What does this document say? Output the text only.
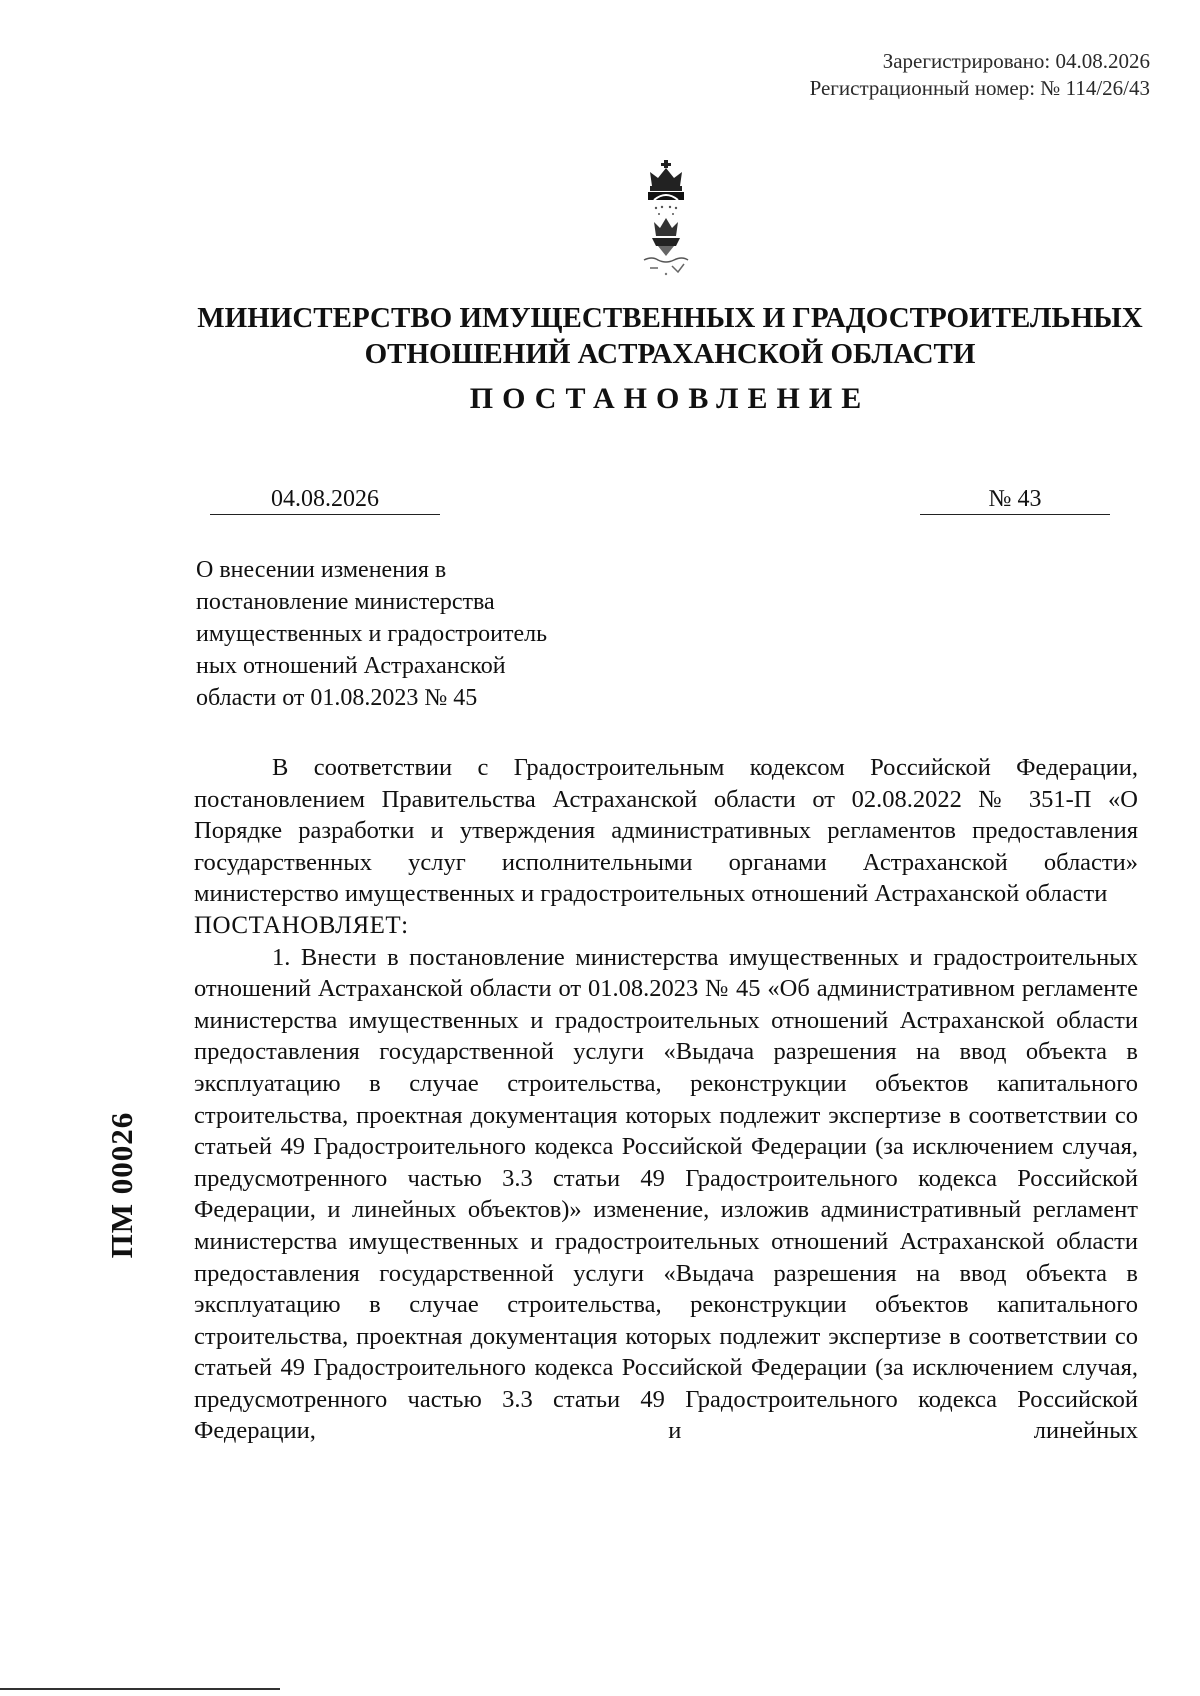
Зарегистрировано: 04.08.2026
Регистрационный номер: № 114/26/43
МИНИСТЕРСТВО ИМУЩЕСТВЕННЫХ И ГРАДОСТРОИТЕЛЬНЫХ
ОТНОШЕНИЙ АСТРАХАНСКОЙ ОБЛАСТИ
ПОСТАНОВЛЕНИЕ
04.08.2026	№ 43
О внесении изменения в
постановление министерства
имущественных и градостроитель
ных отношений Астраханской
области от 01.08.2023 № 45

В соответствии с Градостроительным кодексом Российской Федерации, постановлением Правительства Астраханской области от 02.08.2022 № 351-П «О Порядке разработки и утверждения административных регламентов предоставления государственных услуг исполнительными органами Астраханской области» министерство имущественных и градостроительных отношений Астраханской области

ПОСТАНОВЛЯЕТ:

1. Внести в постановление министерства имущественных и градостроительных отношений Астраханской области от 01.08.2023 № 45 «Об административном регламенте министерства имущественных и градостроительных отношений Астраханской области предоставления государственной услуги «Выдача разрешения на ввод объекта в эксплуатацию в случае строительства, реконструкции объектов капитального строительства, проектная документация которых подлежит экспертизе в соответствии со статьей 49 Градостроительного кодекса Российской Федерации (за исключением случая, предусмотренного частью 3.3 статьи 49 Градостроительного кодекса Российской Федерации, и линейных объектов)» изменение, изложив административный регламент министерства имущественных и градостроительных отношений Астраханской области предоставления государственной услуги «Выдача разрешения на ввод объекта в эксплуатацию в случае строительства, реконструкции объектов капитального строительства, проектная документация которых подлежит экспертизе в соответствии со статьей 49 Градостроительного кодекса Российской Федерации (за исключением случая, предусмотренного частью 3.3 статьи 49 Градостроительного кодекса Российской Федерации, и линейных

ПМ 00026
